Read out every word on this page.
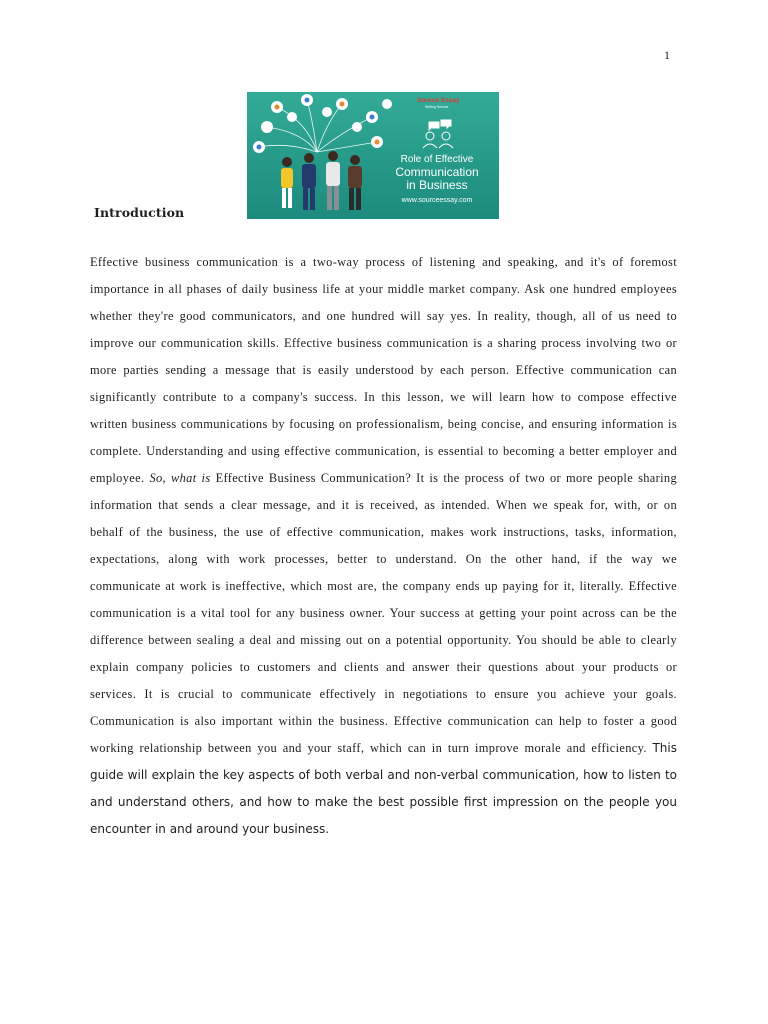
1
Source Essay
Writing Service
Role of Effective
Communication
in Business
www.sourceessay.com
Introduction
Effective business communication is a two-way process of listening and speaking, and it's of foremost importance in all phases of daily business life at your middle market company. Ask one hundred employees whether they're good communicators, and one hundred will say yes. In reality, though, all of us need to improve our communication skills. Effective business communication is a sharing process involving two or more parties sending a message that is easily understood by each person. Effective communication can significantly contribute to a company's success. In this lesson, we will learn how to compose effective written business communications by focusing on professionalism, being concise, and ensuring information is complete. Understanding and using effective communication, is essential to becoming a better employer and employee. So, what is Effective Business Communication? It is the process of two or more people sharing information that sends a clear message, and it is received, as intended. When we speak for, with, or on behalf of the business, the use of effective communication, makes work instructions, tasks, information, expectations, along with work processes, better to understand. On the other hand, if the way we communicate at work is ineffective, which most are, the company ends up paying for it, literally. Effective communication is a vital tool for any business owner. Your success at getting your point across can be the difference between sealing a deal and missing out on a potential opportunity. You should be able to clearly explain company policies to customers and clients and answer their questions about your products or services. It is crucial to communicate effectively in negotiations to ensure you achieve your goals. Communication is also important within the business. Effective communication can help to foster a good working relationship between you and your staff, which can in turn improve morale and efficiency. This guide will explain the key aspects of both verbal and non-verbal communication, how to listen to and understand others, and how to make the best possible first impression on the people you encounter in and around your business.
